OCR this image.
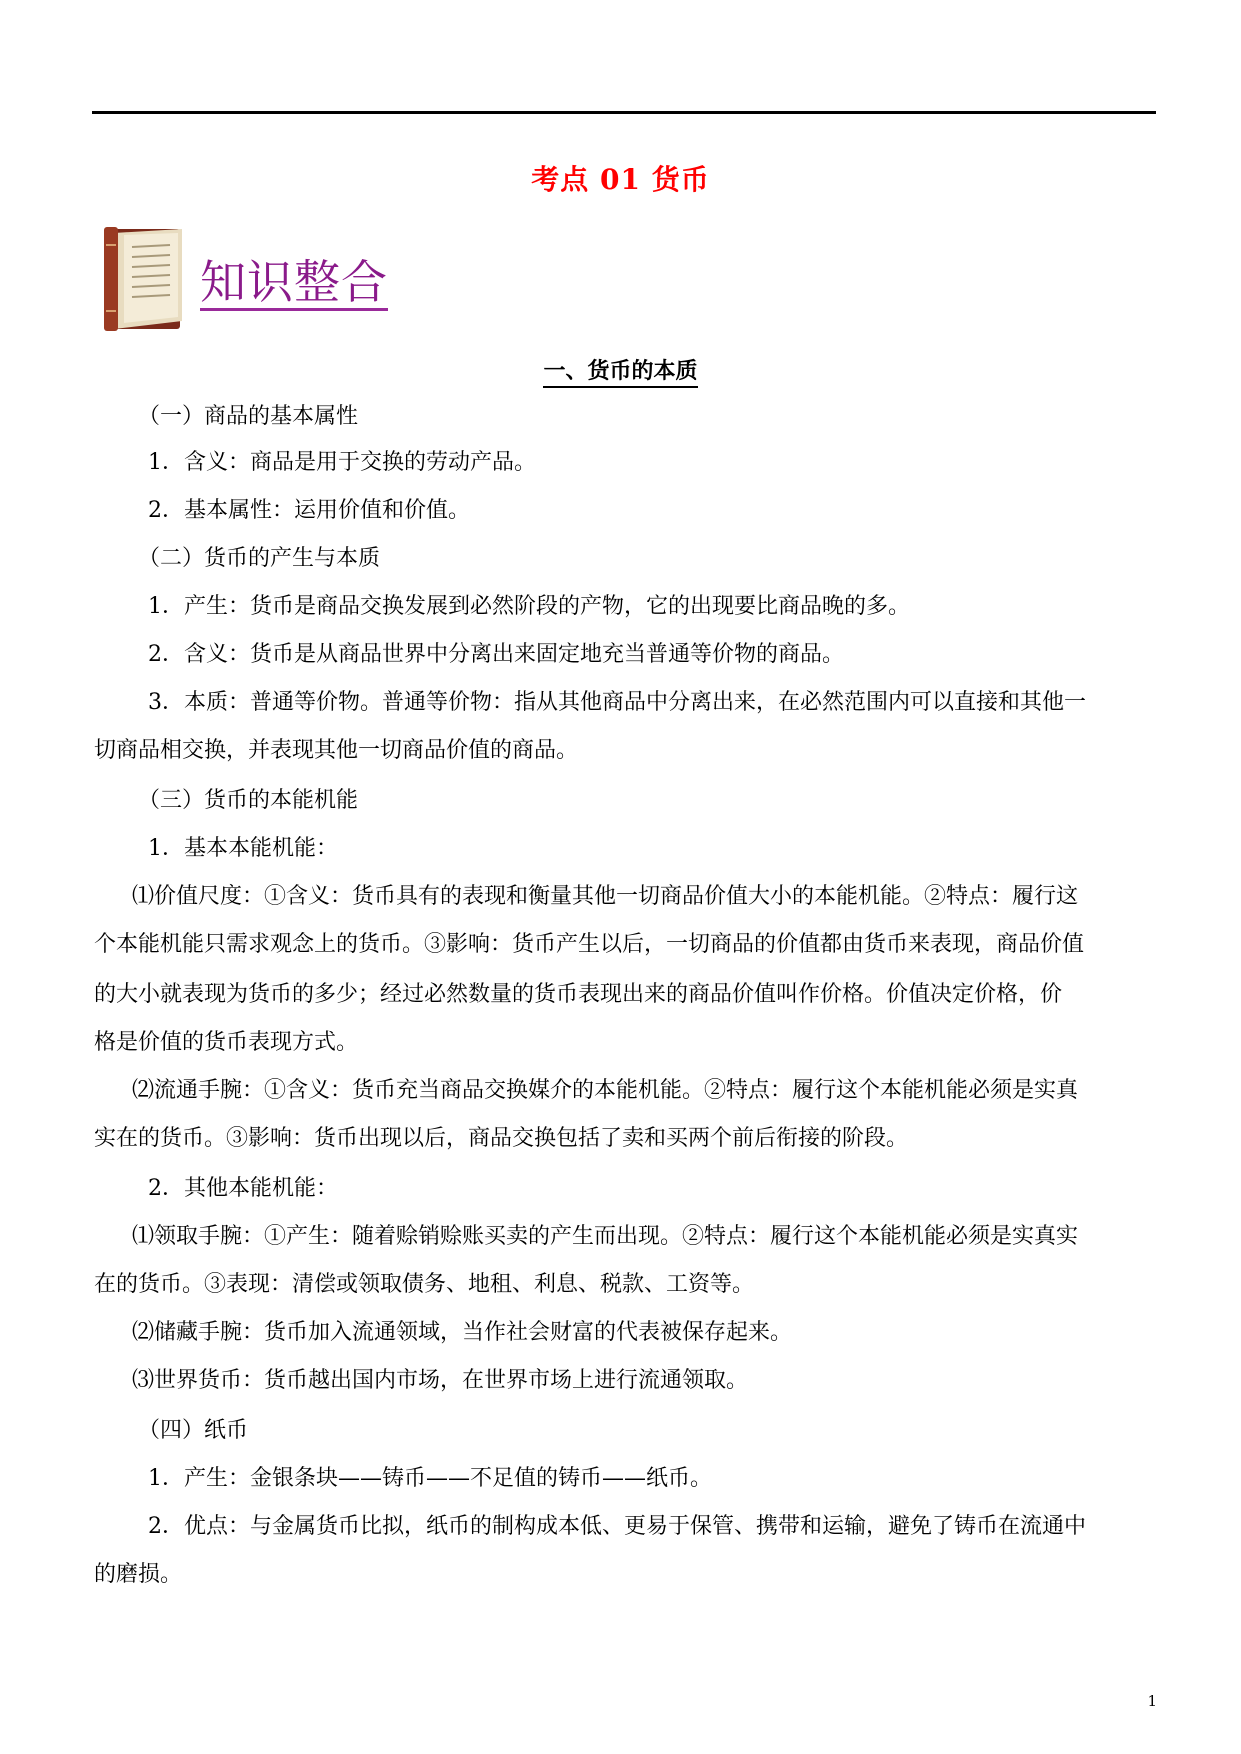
考点 01 货币
知识整合
一、货币的本质
（一）商品的基本属性
1．含义：商品是用于交换的劳动产品。
2．基本属性：运用价值和价值。
（二）货币的产生与本质
1．产生：货币是商品交换发展到必然阶段的产物，它的出现要比商品晚的多。
2．含义：货币是从商品世界中分离出来固定地充当普通等价物的商品。
3．本质：普通等价物。普通等价物：指从其他商品中分离出来，在必然范围内可以直接和其他一
切商品相交换，并表现其他一切商品价值的商品。
（三）货币的本能机能
1．基本本能机能：
⑴价值尺度：①含义：货币具有的表现和衡量其他一切商品价值大小的本能机能。②特点：履行这
个本能机能只需求观念上的货币。③影响：货币产生以后，一切商品的价值都由货币来表现，商品价值
的大小就表现为货币的多少；经过必然数量的货币表现出来的商品价值叫作价格。价值决定价格，价
格是价值的货币表现方式。
⑵流通手腕：①含义：货币充当商品交换媒介的本能机能。②特点：履行这个本能机能必须是实真
实在的货币。③影响：货币出现以后，商品交换包括了卖和买两个前后衔接的阶段。
2．其他本能机能：
⑴领取手腕：①产生：随着赊销赊账买卖的产生而出现。②特点：履行这个本能机能必须是实真实
在的货币。③表现：清偿或领取债务、地租、利息、税款、工资等。
⑵储藏手腕：货币加入流通领域，当作社会财富的代表被保存起来。
⑶世界货币：货币越出国内市场，在世界市场上进行流通领取。
（四）纸币
1．产生：金银条块——铸币——不足值的铸币——纸币。
2．优点：与金属货币比拟，纸币的制构成本低、更易于保管、携带和运输，避免了铸币在流通中
的磨损。
1
